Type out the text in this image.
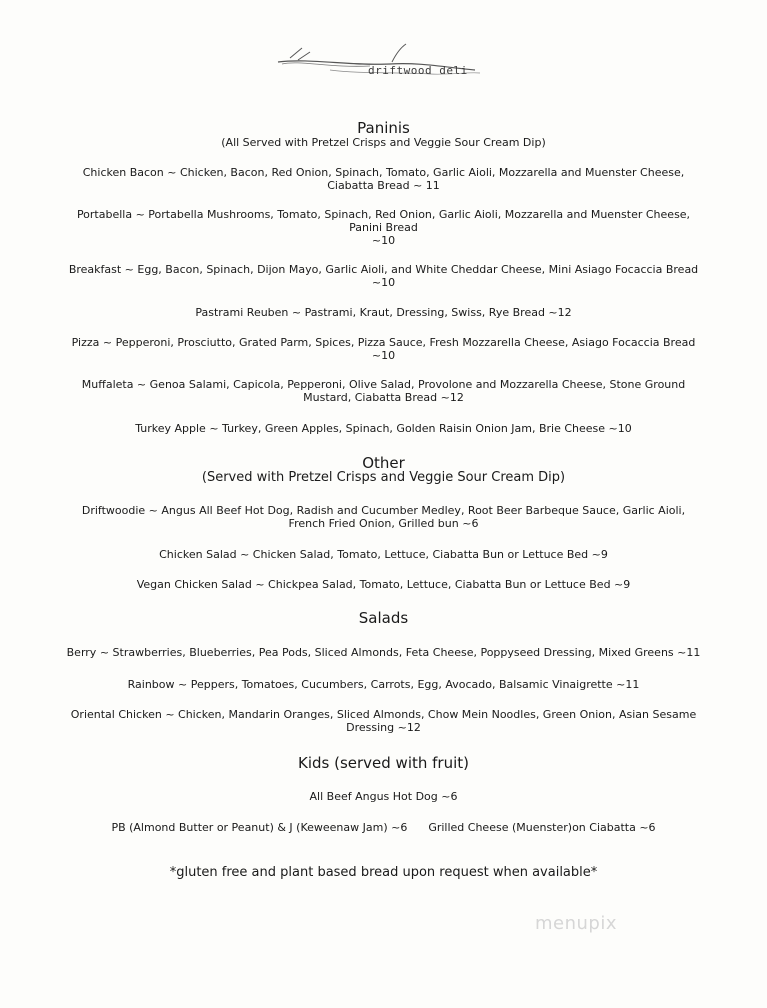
driftwood deli
Paninis
(All Served with Pretzel Crisps and Veggie Sour Cream Dip)
Chicken Bacon ~ Chicken, Bacon, Red Onion, Spinach, Tomato, Garlic Aioli, Mozzarella and Muenster Cheese,
Ciabatta Bread ~ 11
Portabella ~ Portabella Mushrooms, Tomato, Spinach, Red Onion, Garlic Aioli, Mozzarella and Muenster Cheese,
Panini Bread
~10
Breakfast ~ Egg, Bacon, Spinach, Dijon Mayo, Garlic Aioli, and White Cheddar Cheese, Mini Asiago Focaccia Bread
~10
Pastrami Reuben ~ Pastrami, Kraut, Dressing, Swiss, Rye Bread ~12
Pizza ~ Pepperoni, Prosciutto, Grated Parm, Spices, Pizza Sauce, Fresh Mozzarella Cheese, Asiago Focaccia Bread
~10
Muffaleta ~ Genoa Salami, Capicola, Pepperoni, Olive Salad, Provolone and Mozzarella Cheese, Stone Ground
Mustard, Ciabatta Bread ~12
Turkey Apple ~ Turkey, Green Apples, Spinach, Golden Raisin Onion Jam, Brie Cheese ~10
Other
(Served with Pretzel Crisps and Veggie Sour Cream Dip)
Driftwoodie ~ Angus All Beef Hot Dog, Radish and Cucumber Medley, Root Beer Barbeque Sauce, Garlic Aioli,
French Fried Onion, Grilled bun ~6
Chicken Salad ~ Chicken Salad, Tomato, Lettuce, Ciabatta Bun or Lettuce Bed ~9
Vegan Chicken Salad ~ Chickpea Salad, Tomato, Lettuce, Ciabatta Bun or Lettuce Bed ~9
Salads
Berry ~ Strawberries, Blueberries, Pea Pods, Sliced Almonds, Feta Cheese, Poppyseed Dressing, Mixed Greens ~11
Rainbow ~ Peppers, Tomatoes, Cucumbers, Carrots, Egg, Avocado, Balsamic Vinaigrette ~11
Oriental Chicken ~ Chicken, Mandarin Oranges, Sliced Almonds, Chow Mein Noodles, Green Onion, Asian Sesame
Dressing ~12
Kids (served with fruit)
All Beef Angus Hot Dog ~6
PB (Almond Butter or Peanut) & J (Keweenaw Jam) ~6      Grilled Cheese (Muenster)on Ciabatta ~6
*gluten free and plant based bread upon request when available*
menupix
